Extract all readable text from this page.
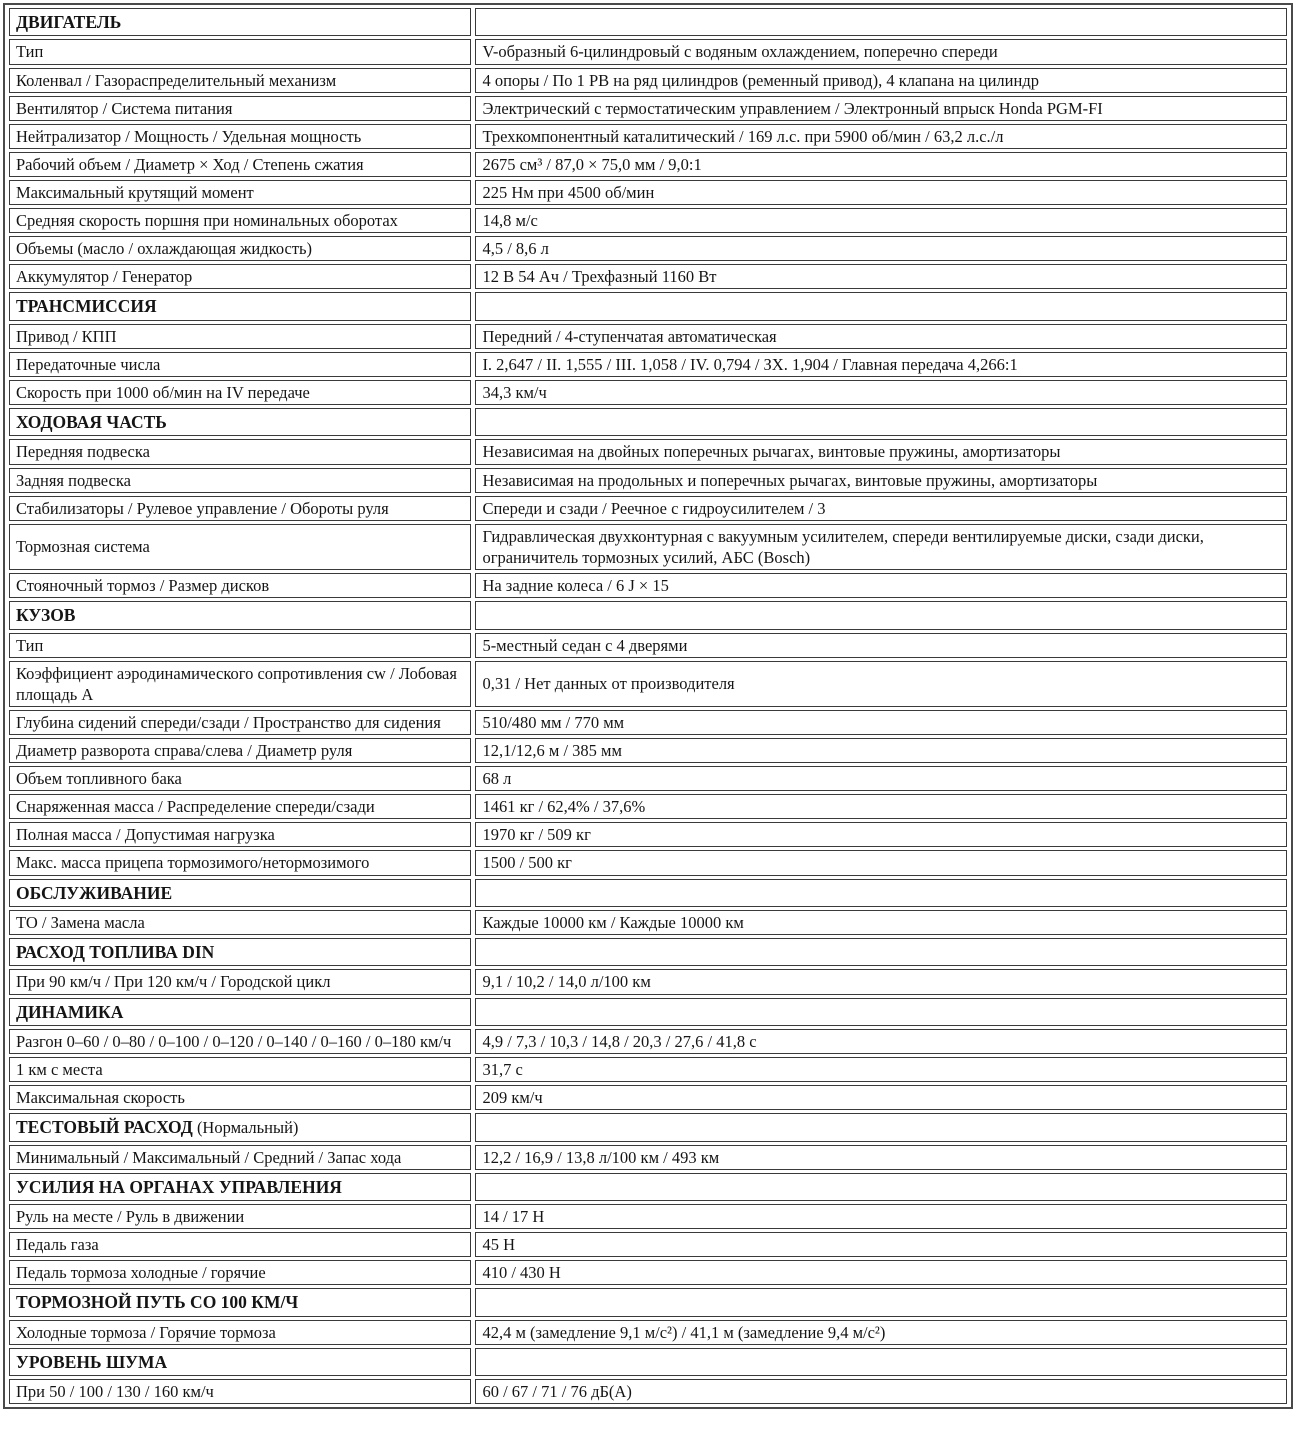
ДВИГАТЕЛЬ	
Тип	V-образный 6-цилиндровый с водяным охлаждением, поперечно спереди
Коленвал / Газораспределительный механизм	4 опоры / По 1 РВ на ряд цилиндров (ременный привод), 4 клапана на цилиндр
Вентилятор / Система питания	Электрический с термостатическим управлением / Электронный впрыск Honda PGM-FI
Нейтрализатор / Мощность / Удельная мощность	Трехкомпонентный каталитический / 169 л.с. при 5900 об/мин / 63,2 л.с./л
Рабочий объем / Диаметр × Ход / Степень сжатия	2675 см³ / 87,0 × 75,0 мм / 9,0:1
Максимальный крутящий момент	225 Нм при 4500 об/мин
Средняя скорость поршня при номинальных оборотах	14,8 м/с
Объемы (масло / охлаждающая жидкость)	4,5 / 8,6 л
Аккумулятор / Генератор	12 В 54 Ач / Трехфазный 1160 Вт
ТРАНСМИССИЯ	
Привод / КПП	Передний / 4-ступенчатая автоматическая
Передаточные числа	I. 2,647 / II. 1,555 / III. 1,058 / IV. 0,794 / ЗХ. 1,904 / Главная передача 4,266:1
Скорость при 1000 об/мин на IV передаче	34,3 км/ч
ХОДОВАЯ ЧАСТЬ	
Передняя подвеска	Независимая на двойных поперечных рычагах, винтовые пружины, амортизаторы
Задняя подвеска	Независимая на продольных и поперечных рычагах, винтовые пружины, амортизаторы
Стабилизаторы / Рулевое управление / Обороты руля	Спереди и сзади / Реечное с гидроусилителем / 3
Тормозная система	Гидравлическая двухконтурная с вакуумным усилителем, спереди вентилируемые диски, сзади диски, ограничитель тормозных усилий, АБС (Bosch)
Стояночный тормоз / Размер дисков	На задние колеса / 6 J × 15
КУЗОВ	
Тип	5-местный седан с 4 дверями
Коэффициент аэродинамического сопротивления cw / Лобовая площадь A	0,31 / Нет данных от производителя
Глубина сидений спереди/сзади / Пространство для сидения	510/480 мм / 770 мм
Диаметр разворота справа/слева / Диаметр руля	12,1/12,6 м / 385 мм
Объем топливного бака	68 л
Снаряженная масса / Распределение спереди/сзади	1461 кг / 62,4% / 37,6%
Полная масса / Допустимая нагрузка	1970 кг / 509 кг
Макс. масса прицепа тормозимого/нетормозимого	1500 / 500 кг
ОБСЛУЖИВАНИЕ	
ТО / Замена масла	Каждые 10000 км / Каждые 10000 км
РАСХОД ТОПЛИВА DIN	
При 90 км/ч / При 120 км/ч / Городской цикл	9,1 / 10,2 / 14,0 л/100 км
ДИНАМИКА	
Разгон 0–60 / 0–80 / 0–100 / 0–120 / 0–140 / 0–160 / 0–180 км/ч	4,9 / 7,3 / 10,3 / 14,8 / 20,3 / 27,6 / 41,8 с
1 км с места	31,7 с
Максимальная скорость	209 км/ч
ТЕСТОВЫЙ РАСХОД (Нормальный)	
Минимальный / Максимальный / Средний / Запас хода	12,2 / 16,9 / 13,8 л/100 км / 493 км
УСИЛИЯ НА ОРГАНАХ УПРАВЛЕНИЯ	
Руль на месте / Руль в движении	14 / 17 Н
Педаль газа	45 Н
Педаль тормоза холодные / горячие	410 / 430 Н
ТОРМОЗНОЙ ПУТЬ СО 100 КМ/Ч	
Холодные тормоза / Горячие тормоза	42,4 м (замедление 9,1 м/с²) / 41,1 м (замедление 9,4 м/с²)
УРОВЕНЬ ШУМА	
При 50 / 100 / 130 / 160 км/ч	60 / 67 / 71 / 76 дБ(А)
